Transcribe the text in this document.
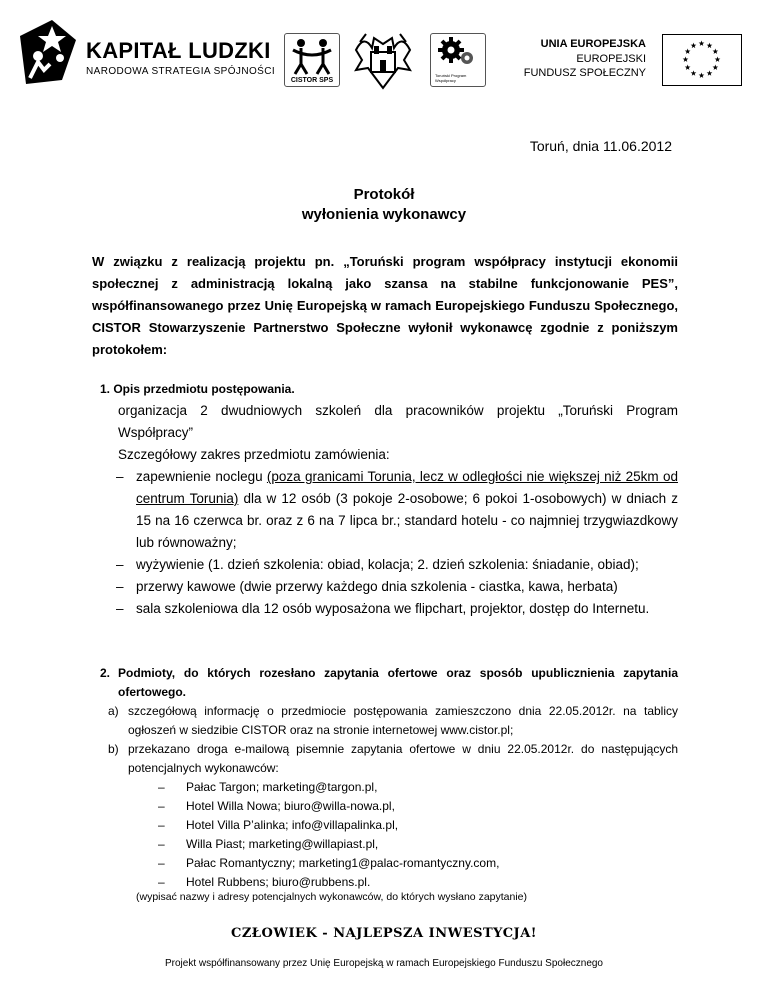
KAPITAŁ LUDZKI
NARODOWA STRATEGIA SPÓJNOŚCI
CISTOR SPS
Toruński Program Współpracy
UNIA EUROPEJSKA
EUROPEJSKI
FUNDUSZ SPOŁECZNY
Toruń, dnia 11.06.2012
Protokół
wyłonienia wykonawcy

W związku z realizacją projektu pn. „Toruński program współpracy instytucji ekonomii społecznej z administracją lokalną jako szansa na stabilne funkcjonowanie PES”, współfinansowanego przez Unię Europejską w ramach Europejskiego Funduszu Społecznego, CISTOR Stowarzyszenie Partnerstwo Społeczne wyłonił wykonawcę zgodnie z poniższym protokołem:

1. Opis przedmiotu postępowania.

organizacja 2 dwudniowych szkoleń dla pracowników projektu „Toruński Program Współpracy”

Szczegółowy zakres przedmiotu zamówienia:

– zapewnienie noclegu (poza granicami Torunia, lecz w odległości nie większej niż 25km od centrum Torunia) dla w 12 osób (3 pokoje 2-osobowe; 6 pokoi 1-osobowych) w dniach z 15 na 16 czerwca br. oraz z 6 na 7 lipca br.; standard hotelu - co najmniej trzygwiazdkowy lub równoważny;
– wyżywienie (1. dzień szkolenia: obiad, kolacja; 2. dzień szkolenia: śniadanie, obiad);
– przerwy kawowe (dwie przerwy każdego dnia szkolenia - ciastka, kawa, herbata)
– sala szkoleniowa dla 12 osób wyposażona we flipchart, projektor, dostęp do Internetu.
2. Podmioty, do których rozesłano zapytania ofertowe oraz sposób upublicznienia zapytania ofertowego.
a) szczegółową informację o przedmiocie postępowania zamieszczono dnia 22.05.2012r. na tablicy ogłoszeń w siedzibie CISTOR oraz na stronie internetowej www.cistor.pl;
b) przekazano droga e-mailową pisemnie zapytania ofertowe w dniu 22.05.2012r. do następujących potencjalnych wykonawców:
– Pałac Targon; marketing@targon.pl,
– Hotel Willa Nowa; biuro@willa-nowa.pl,
– Hotel Villa P’alinka; info@villapalinka.pl,
– Willa Piast; marketing@willapiast.pl,
– Pałac Romantyczny; marketing1@palac-romantyczny.com,
– Hotel Rubbens; biuro@rubbens.pl.
(wypisać nazwy i adresy potencjalnych wykonawców, do których wysłano zapytanie)
CZŁOWIEK - NAJLEPSZA INWESTYCJA!
Projekt współfinansowany przez Unię Europejską w ramach Europejskiego Funduszu Społecznego
